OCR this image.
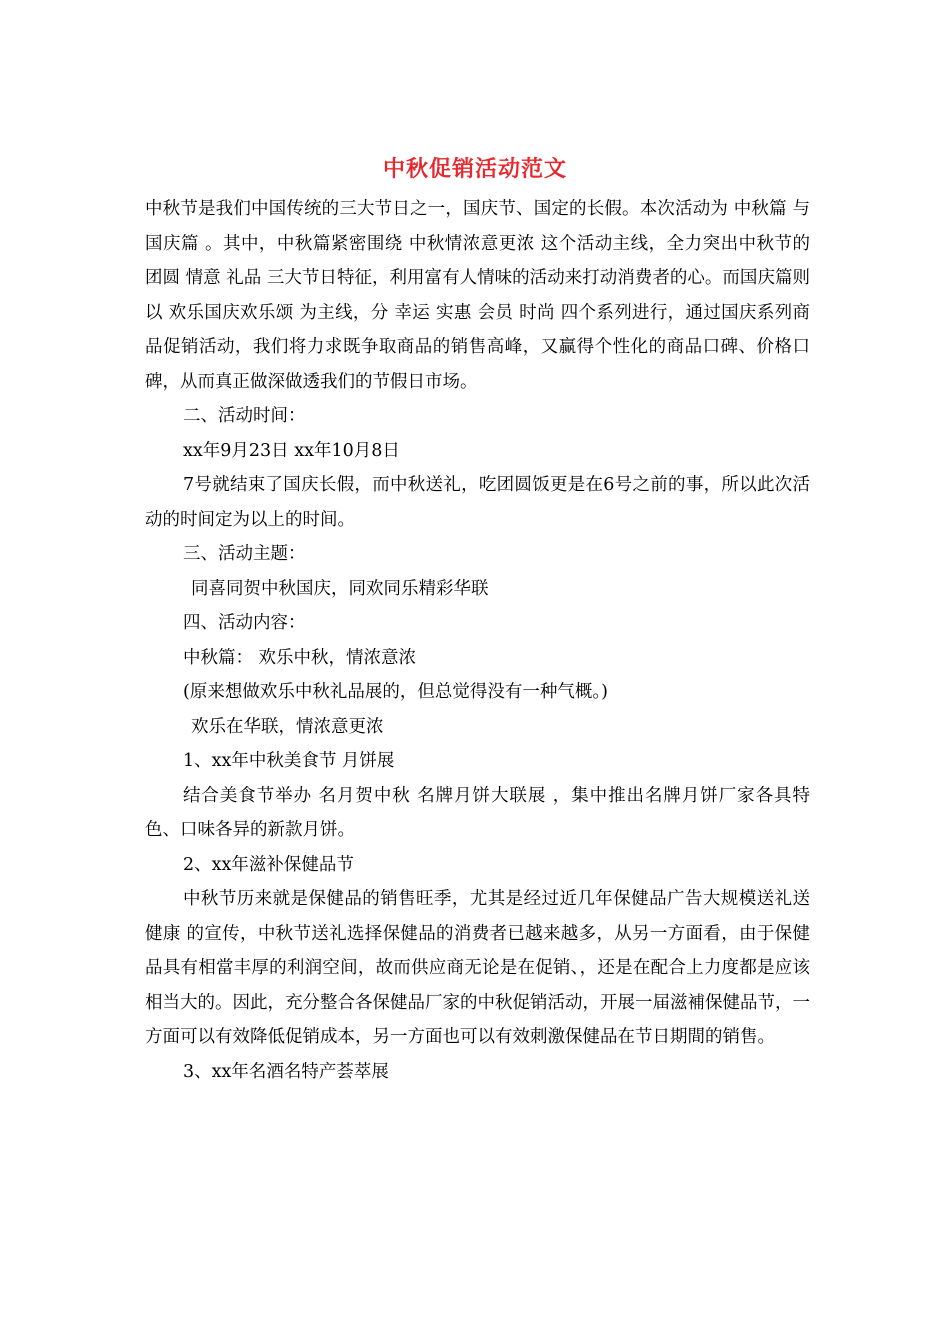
中秋促销活动范文

中秋节是我们中国传统的三大节日之一，国庆节、国定的长假。本次活动为 中秋篇 与 国庆篇 。其中，中秋篇紧密围绕 中秋情浓意更浓 这个活动主线，全力突出中秋节的 团圆 情意 礼品 三大节日特征，利用富有人情味的活动来打动消费者的心。而国庆篇则以 欢乐国庆欢乐颂 为主线，分 幸运 实惠 会员 时尚 四个系列进行，通过国庆系列商品促销活动，我们将力求既争取商品的销售高峰，又赢得个性化的商品口碑、价格口碑，从而真正做深做透我们的节假日市场。

二、活动时间：

xx年9月23日 xx年10月8日

7号就结束了国庆长假，而中秋送礼，吃团圆饭更是在6号之前的事，所以此次活动的时间定为以上的时间。

三、活动主题：

同喜同贺中秋国庆，同欢同乐精彩华联

四、活动内容：

中秋篇： 欢乐中秋，情浓意浓

(原来想做欢乐中秋礼品展的，但总觉得没有一种气概。)

欢乐在华联，情浓意更浓

1、xx年中秋美食节 月饼展

结合美食节举办 名月贺中秋 名牌月饼大联展 ，集中推出名牌月饼厂家各具特色、口味各异的新款月饼。

2、xx年滋补保健品节

中秋节历来就是保健品的销售旺季，尤其是经过近几年保健品广告大规模送礼送健康 的宣传，中秋节送礼选择保健品的消费者已越来越多，从另一方面看，由于保健品具有相當丰厚的利润空间，故而供应商无论是在促销、，还是在配合上力度都是应该相当大的。因此，充分整合各保健品厂家的中秋促销活动，开展一届滋補保健品节，一方面可以有效降低促销成本，另一方面也可以有效刺激保健品在节日期間的销售。

3、xx年名酒名特产荟萃展
